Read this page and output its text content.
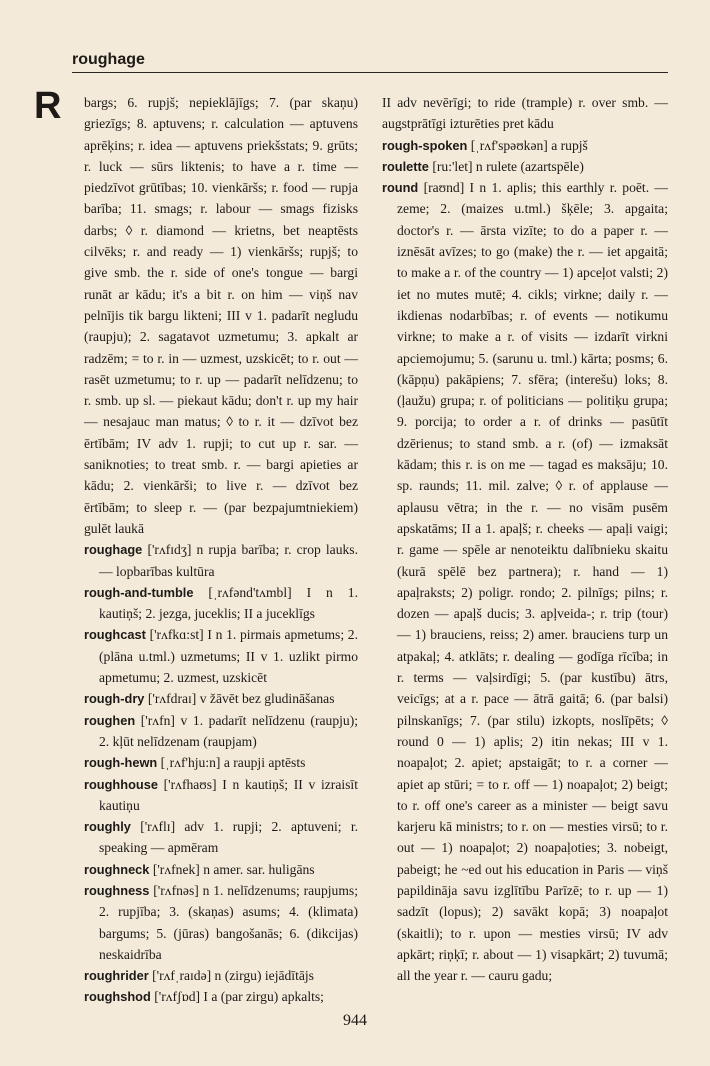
roughage
R bargs; 6. rupjš; nepieklājīgs; 7. (par skaņu) griezīgs; 8. aptuvens; r. calculation — aptuvens aprēķins; r. idea — aptuvens priekšstats; 9. grūts; r. luck — sūrs liktenis; to have a r. time — piedzīvot grūtības; 10. vienkāršs; r. food — rupja barība; 11. smags; r. labour — smags fizisks darbs; ◊ r. diamond — krietns, bet neaptēsts cilvēks; r. and ready — 1) vienkāršs; rupjš; to give smb. the r. side of one's tongue — bargi runāt ar kādu; it's a bit r. on him — viņš nav pelnījis tik bargu likteni; III v 1. padarīt negludu (raupju); 2. sagatavot uzmetumu; 3. apkalt ar radzēm; = to r. in — uzmest, uzskicēt; to r. out — rasēt uzmetumu; to r. up — padarīt nelīdzenu; to r. smb. up sl. — piekaut kādu; don't r. up my hair — nesajauc man matus; ◊ to r. it — dzīvot bez ērtībām; IV adv 1. rupji; to cut up r. sar. — saniknoties; to treat smb. r. — bargi apieties ar kādu; 2. vienkārši; to live r. — dzīvot bez ērtībām; to sleep r. — (par bezpajumtniekiem) gulēt laukā

roughage ['rʌfɪdʒ] n rupja barība; r. crop lauks. — lopbarības kultūra

rough-and-tumble [ˌrʌfənd'tʌmbl] I n 1. kautiņš; 2. jezga, juceklis; II a juceklīgs

roughcast ['rʌfkɑ:st] I n 1. pirmais apmetums; 2. (plāna u.tml.) uzmetums; II v 1. uzlikt pirmo apmetumu; 2. uzmest, uzskicēt

rough-dry ['rʌfdraɪ] v žāvēt bez gludināšanas

roughen ['rʌfn] v 1. padarīt nelīdzenu (raupju); 2. kļūt nelīdzenam (raupjam)

rough-hewn [ˌrʌf'hju:n] a raupji aptēsts

roughhouse ['rʌfhaʊs] I n kautiņš; II v izraisīt kautiņu

roughly ['rʌflɪ] adv 1. rupji; 2. aptuveni; r. speaking — apmēram

roughneck ['rʌfnek] n amer. sar. huligāns

roughness ['rʌfnəs] n 1. nelīdzenums; raupjums; 2. rupjība; 3. (skaņas) asums; 4. (klimata) bargums; 5. (jūras) bangošanās; 6. (dikcijas) neskaidrība

roughrider ['rʌfˌraɪdə] n (zirgu) iejādītājs

roughshod ['rʌfʃɒd] I a (par zirgu) apkalts;

II adv nevērīgi; to ride (trample) r. over smb. — augstprātīgi izturēties pret kādu

rough-spoken [ˌrʌf'spəʊkən] a rupjš

roulette [ru:'let] n rulete (azartspēle)

round [raʊnd] I n 1. aplis; this earthly r. poēt. — zeme; 2. (maizes u.tml.) šķēle; 3. apgaita; doctor's r. — ārsta vizīte; to do a paper r. — iznēsāt avīzes; to go (make) the r. — iet apgaitā; to make a r. of the country — 1) apceļot valsti; 2) iet no mutes mutē; 4. cikls; virkne; daily r. — ikdienas nodarbības; r. of events — notikumu virkne; to make a r. of visits — izdarīt virkni apciemojumu; 5. (sarunu u. tml.) kārta; posms; 6. (kāpņu) pakāpiens; 7. sfēra; (interešu) loks; 8. (ļaužu) grupa; r. of politicians — politiķu grupa; 9. porcija; to order a r. of drinks — pasūtīt dzērienus; to stand smb. a r. (of) — izmaksāt kādam; this r. is on me — tagad es maksāju; 10. sp. raunds; 11. mil. zalve; ◊ r. of applause — aplausu vētra; in the r. — no visām pusēm apskatāms; II a 1. apaļš; r. cheeks — apaļi vaigi; r. game — spēle ar nenoteiktu dalībnieku skaitu (kurā spēlē bez partnera); r. hand — 1) apaļraksts; 2) poligr. rondo; 2. pilnīgs; pilns; r. dozen — apaļš ducis; 3. apļveida-; r. trip (tour) — 1) brauciens, reiss; 2) amer. brauciens turp un atpakaļ; 4. atklāts; r. dealing — godīga rīcība; in r. terms — vaļsirdīgi; 5. (par kustību) ātrs, veicīgs; at a r. pace — ātrā gaitā; 6. (par balsi) pilnskanīgs; 7. (par stilu) izkopts, noslīpēts; ◊ round 0 — 1) aplis; 2) itin nekas; III v 1. noapaļot; 2. apiet; apstaigāt; to r. a corner — apiet ap stūri; = to r. off — 1) noapaļot; 2) beigt; to r. off one's career as a minister — beigt savu karjeru kā ministrs; to r. on — mesties virsū; to r. out — 1) noapaļot; 2) noapaļoties; 3. nobeigt, pabeigt; he ~ed out his education in Paris — viņš papildināja savu izglītību Parīzē; to r. up — 1) sadzīt (lopus); 2) savākt kopā; 3) noapaļot (skaitli); to r. upon — mesties virsū; IV adv apkārt; riņķī; r. about — 1) visapkārt; 2) tuvumā; all the year r. — cauru gadu;

944
